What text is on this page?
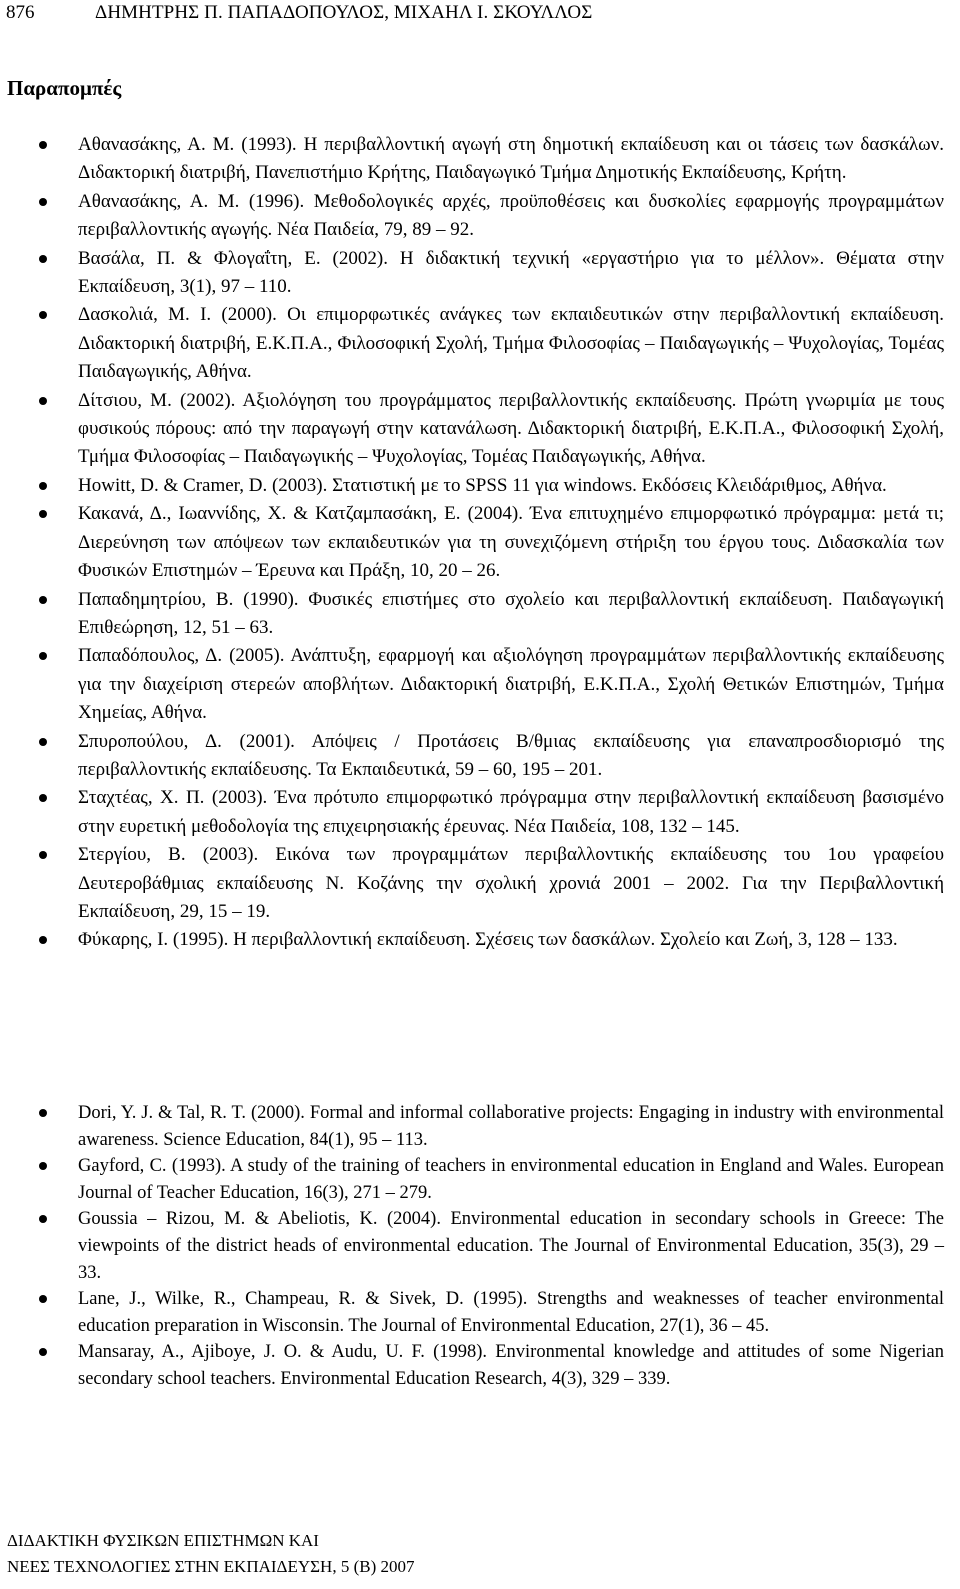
876	ΔΗΜΗΤΡΗΣ Π. ΠΑΠΑΔΟΠΟΥΛΟΣ, ΜΙΧΑΗΛ Ι. ΣΚΟΥΛΛΟΣ
Παραπομπές
Αθανασάκης, Α. Μ. (1993). Η περιβαλλοντική αγωγή στη δημοτική εκπαίδευση και οι τάσεις των δασκάλων. Διδακτορική διατριβή, Πανεπιστήμιο Κρήτης, Παιδαγωγικό Τμήμα Δημοτικής Εκπαίδευσης, Κρήτη.
Αθανασάκης, Α. Μ. (1996). Μεθοδολογικές αρχές, προϋποθέσεις και δυσκολίες εφαρμογής προγραμμάτων περιβαλλοντικής αγωγής. Νέα Παιδεία, 79, 89 – 92.
Βασάλα, Π. & Φλογαΐτη, Ε. (2002). Η διδακτική τεχνική «εργαστήριο για το μέλλον». Θέματα στην Εκπαίδευση, 3(1), 97 – 110.
Δασκολιά, Μ. Ι. (2000). Οι επιμορφωτικές ανάγκες των εκπαιδευτικών στην περιβαλλοντική εκπαίδευση. Διδακτορική διατριβή, Ε.Κ.Π.Α., Φιλοσοφική Σχολή, Τμήμα Φιλοσοφίας – Παιδαγωγικής – Ψυχολογίας, Τομέας Παιδαγωγικής, Αθήνα.
Δίτσιου, Μ. (2002). Αξιολόγηση του προγράμματος περιβαλλοντικής εκπαίδευσης. Πρώτη γνωριμία με τους φυσικούς πόρους: από την παραγωγή στην κατανάλωση. Διδακτορική διατριβή, Ε.Κ.Π.Α., Φιλοσοφική Σχολή, Τμήμα Φιλοσοφίας – Παιδαγωγικής – Ψυχολογίας, Τομέας Παιδαγωγικής, Αθήνα.
Howitt, D. & Cramer, D. (2003). Στατιστική με το SPSS 11 για windows. Εκδόσεις Κλειδάριθμος, Αθήνα.
Κακανά, Δ., Ιωαννίδης, Χ. & Κατζαμπασάκη, Ε. (2004). Ένα επιτυχημένο επιμορφωτικό πρόγραμμα: μετά τι; Διερεύνηση των απόψεων των εκπαιδευτικών για τη συνεχιζόμενη στήριξη του έργου τους. Διδασκαλία των Φυσικών Επιστημών – Έρευνα και Πράξη, 10, 20 – 26.
Παπαδημητρίου, Β. (1990). Φυσικές επιστήμες στο σχολείο και περιβαλλοντική εκπαίδευση. Παιδαγωγική Επιθεώρηση, 12, 51 – 63.
Παπαδόπουλος, Δ. (2005). Ανάπτυξη, εφαρμογή και αξιολόγηση προγραμμάτων περιβαλλοντικής εκπαίδευσης για την διαχείριση στερεών αποβλήτων. Διδακτορική διατριβή, Ε.Κ.Π.Α., Σχολή Θετικών Επιστημών, Τμήμα Χημείας, Αθήνα.
Σπυροπούλου, Δ. (2001). Απόψεις / Προτάσεις Β/θμιας εκπαίδευσης για επαναπροσδιορισμό της περιβαλλοντικής εκπαίδευσης. Τα Εκπαιδευτικά, 59 – 60, 195 – 201.
Σταχτέας, Χ. Π. (2003). Ένα πρότυπο επιμορφωτικό πρόγραμμα στην περιβαλλοντική εκπαίδευση βασισμένο στην ευρετική μεθοδολογία της επιχειρησιακής έρευνας. Νέα Παιδεία, 108, 132 – 145.
Στεργίου, Β. (2003). Εικόνα των προγραμμάτων περιβαλλοντικής εκπαίδευσης του 1ου γραφείου Δευτεροβάθμιας εκπαίδευσης Ν. Κοζάνης την σχολική χρονιά 2001 – 2002. Για την Περιβαλλοντική Εκπαίδευση, 29, 15 – 19.
Φύκαρης, Ι. (1995). Η περιβαλλοντική εκπαίδευση. Σχέσεις των δασκάλων. Σχολείο και Ζωή, 3, 128 – 133.
Dori, Y. J. & Tal, R. T. (2000). Formal and informal collaborative projects: Engaging in industry with environmental awareness. Science Education, 84(1), 95 – 113.
Gayford, C. (1993). A study of the training of teachers in environmental education in England and Wales. European Journal of Teacher Education, 16(3), 271 – 279.
Goussia – Rizou, M. & Abeliotis, K. (2004). Environmental education in secondary schools in Greece: The viewpoints of the district heads of environmental education. The Journal of Environmental Education, 35(3), 29 – 33.
Lane, J., Wilke, R., Champeau, R. & Sivek, D. (1995). Strengths and weaknesses of teacher environmental education preparation in Wisconsin. The Journal of Environmental Education, 27(1), 36 – 45.
Mansaray, A., Ajiboye, J. O. & Audu, U. F. (1998). Environmental knowledge and attitudes of some Nigerian secondary school teachers. Environmental Education Research, 4(3), 329 – 339.
ΔΙΔΑΚΤΙΚΗ ΦΥΣΙΚΩΝ ΕΠΙΣΤΗΜΩΝ ΚΑΙ
ΝΕΕΣ ΤΕΧΝΟΛΟΓΙΕΣ ΣΤΗΝ ΕΚΠΑΙΔΕΥΣΗ, 5 (Β) 2007
